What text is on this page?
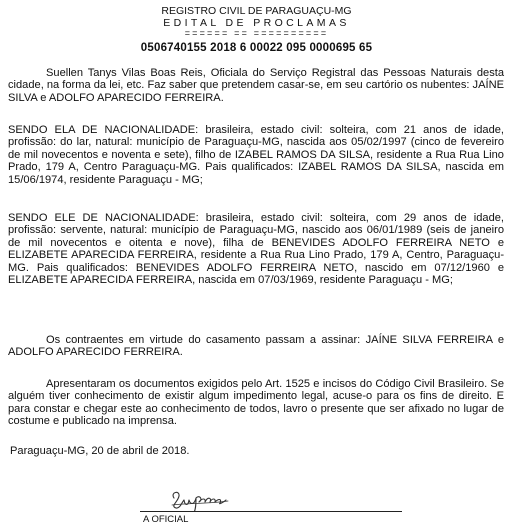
REGISTRO CIVIL DE PARAGUAÇU-MG

EDITAL DE PROCLAMAS

====== == ==========

0506740155 2018 6 00022 095 0000695 65

Suellen Tanys Vilas Boas Reis, Oficiala do Serviço Registral das Pessoas Naturais desta cidade, na forma da lei, etc. Faz saber que pretendem casar-se, em seu cartório os nubentes: JAÍNE SILVA e ADOLFO APARECIDO FERREIRA.

SENDO ELA DE NACIONALIDADE: brasileira, estado civil: solteira, com 21 anos de idade, profissão: do lar, natural: município de Paraguaçu-MG, nascida aos 05/02/1997 (cinco de fevereiro de mil novecentos e noventa e sete), filho de IZABEL RAMOS DA SILSA, residente a Rua Rua Lino Prado, 179 A, Centro Paraguaçu-MG. Pais qualificados: IZABEL RAMOS DA SILSA, nascida em 15/06/1974, residente Paraguaçu - MG;

SENDO ELE DE NACIONALIDADE: brasileira, estado civil: solteira, com 29 anos de idade, profissão: servente, natural: município de Paraguaçu-MG, nascido aos 06/01/1989 (seis de janeiro de mil novecentos e oitenta e nove), filha de BENEVIDES ADOLFO FERREIRA NETO e ELIZABETE APARECIDA FERREIRA, residente a Rua Rua Lino Prado, 179 A, Centro, Paraguaçu-MG. Pais qualificados: BENEVIDES ADOLFO FERREIRA NETO, nascido em 07/12/1960 e ELIZABETE APARECIDA FERREIRA, nascida em 07/03/1969, residente Paraguaçu - MG;

Os contraentes em virtude do casamento passam a assinar: JAÍNE SILVA FERREIRA e ADOLFO APARECIDO FERREIRA.

Apresentaram os documentos exigidos pelo Art. 1525 e incisos do Código Civil Brasileiro. Se alguém tiver conhecimento de existir algum impedimento legal, acuse-o para os fins de direito. E para constar e chegar este ao conhecimento de todos, lavro o presente que ser afixado no lugar de costume e publicado na imprensa.

Paraguaçu-MG, 20 de abril de 2018.

A OFICIAL
